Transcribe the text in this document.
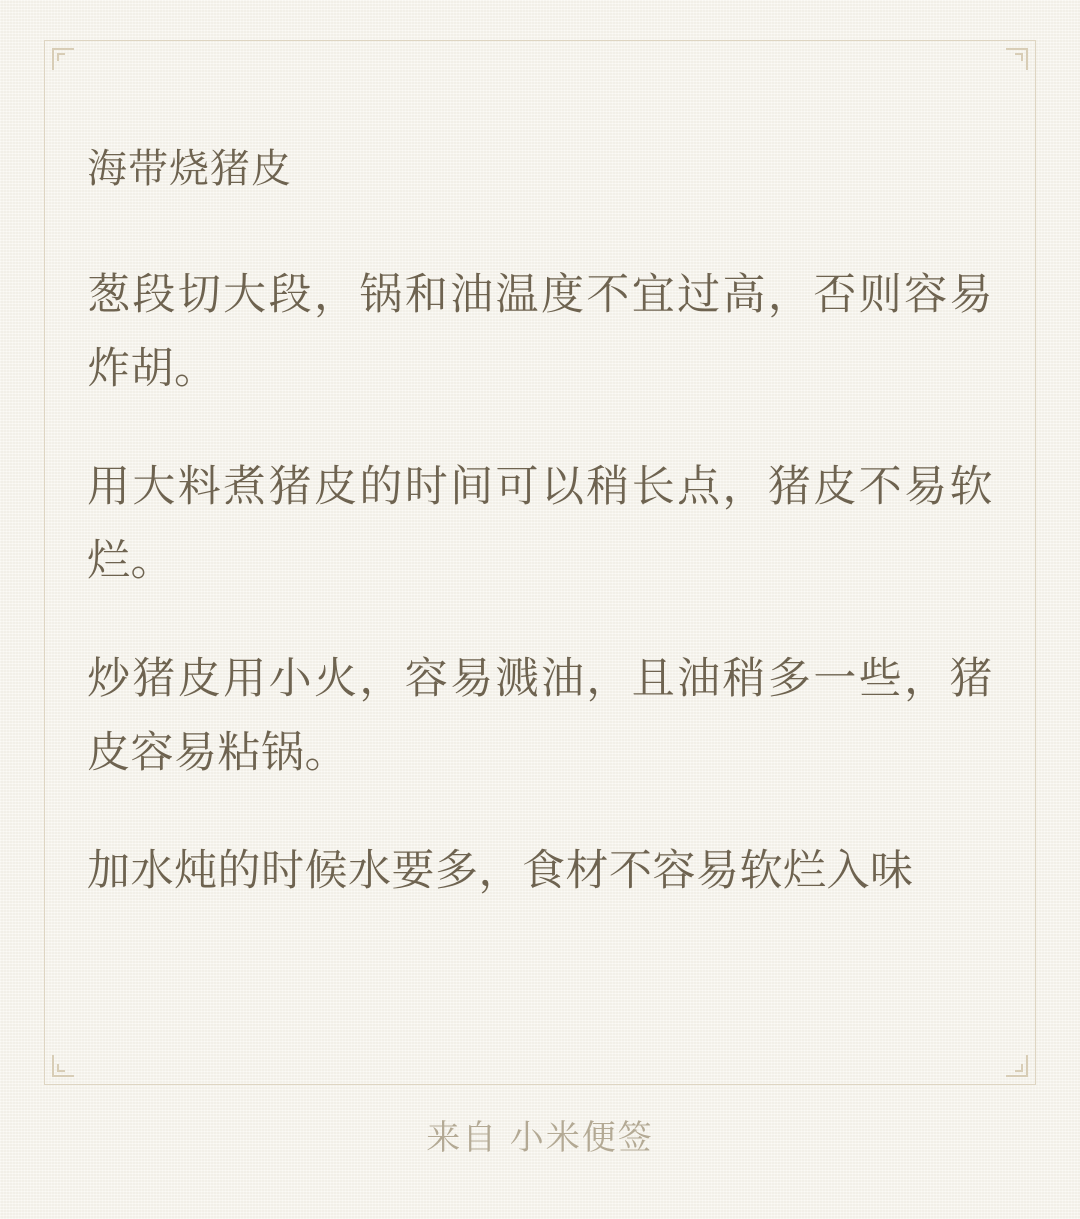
海带烧猪皮

葱段切大段，锅和油温度不宜过高，否则容易炸胡。

用大料煮猪皮的时间可以稍长点，猪皮不易软烂。

炒猪皮用小火，容易溅油，且油稍多一些，猪皮容易粘锅。

加水炖的时候水要多，食材不容易软烂入味

来自 小米便签
